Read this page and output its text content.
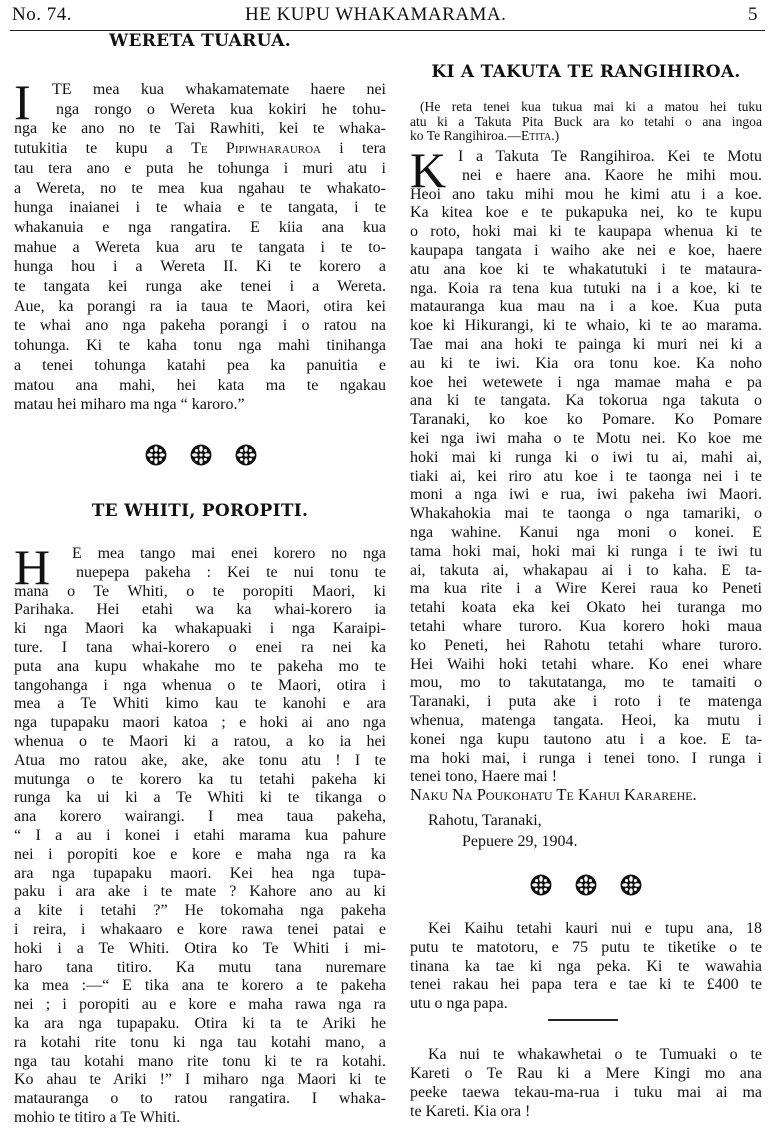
No. 74.	HE KUPU WHAKAMARAMA.	5
WERETA TUARUA.
I TE mea kua whakamatemate haere nei
nga rongo o Wereta kua kokiri he tohu-
nga ke ano no te Tai Rawhiti, kei te whaka-
tutukitia te kupu a Te Pipiwharauroa i tera
tau tera ano e puta he tohunga i muri atu i
a Wereta, no te mea kua ngahau te whakato-
hunga inaianei i te whaia e te tangata, i te
whakanuia e nga rangatira. E kiia ana kua
mahue a Wereta kua aru te tangata i te to-
hunga hou i a Wereta II. Ki te korero a
te tangata kei runga ake tenei i a Wereta.
Aue, ka porangi ra ia taua te Maori, otira kei
te whai ano nga pakeha porangi i o ratou na
tohunga. Ki te kaha tonu nga mahi tinihanga
a tenei tohunga katahi pea ka panuitia e
matou ana mahi, hei kata ma te ngakau
matau hei miharo ma nga “ karoro.”
TE WHITI, POROPITI.
H E mea tango mai enei korero no nga
nuepepa pakeha : Kei te nui tonu te
mana o Te Whiti, o te poropiti Maori, ki
Parihaka. Hei etahi wa ka whai-korero ia
ki nga Maori ka whakapuaki i nga Karaipi-
ture. I tana whai-korero o enei ra nei ka
puta ana kupu whakahe mo te pakeha mo te
tangohanga i nga whenua o te Maori, otira i
mea a Te Whiti kimo kau te kanohi e ara
nga tupapaku maori katoa ; e hoki ai ano nga
whenua o te Maori ki a ratou, a ko ia hei
Atua mo ratou ake, ake, ake tonu atu ! I te
mutunga o te korero ka tu tetahi pakeha ki
runga ka ui ki a Te Whiti ki te tikanga o
ana korero wairangi. I mea taua pakeha,
“ I a au i konei i etahi marama kua pahure
nei i poropiti koe e kore e maha nga ra ka
ara nga tupapaku maori. Kei hea nga tupa-
paku i ara ake i te mate ? Kahore ano au ki
a kite i tetahi ?” He tokomaha nga pakeha
i reira, i whakaaro e kore rawa tenei patai e
hoki i a Te Whiti. Otira ko Te Whiti i mi-
haro tana titiro. Ka mutu tana nuremare
ka mea :—“ E tika ana te korero a te pakeha
nei ; i poropiti au e kore e maha rawa nga ra
ka ara nga tupapaku. Otira ki ta te Ariki he
ra kotahi rite tonu ki nga tau kotahi mano, a
nga tau kotahi mano rite tonu ki te ra kotahi.
Ko ahau te Ariki !” I miharo nga Maori ki te
matauranga o to ratou rangatira. I whaka-
mohio te titiro a Te Whiti.
KI A TAKUTA TE RANGIHIROA.
(He reta tenei kua tukua mai ki a matou hei tuku
atu ki a Takuta Pita Buck ara ko tetahi o ana ingoa
ko Te Rangihiroa.—Etita.)
K I a Takuta Te Rangihiroa. Kei te Motu
nei e haere ana. Kaore he mihi mou.
Heoi ano taku mihi mou he kimi atu i a koe.
Ka kitea koe e te pukapuka nei, ko te kupu
o roto, hoki mai ki te kaupapa whenua ki te
kaupapa tangata i waiho ake nei e koe, haere
atu ana koe ki te whakatutuki i te mataura-
nga. Koia ra tena kua tutuki na i a koe, ki te
matauranga kua mau na i a koe. Kua puta
koe ki Hikurangi, ki te whaio, ki te ao marama.
Tae mai ana hoki te painga ki muri nei ki a
au ki te iwi. Kia ora tonu koe. Ka noho
koe hei wetewete i nga mamae maha e pa
ana ki te tangata. Ka tokorua nga takuta o
Taranaki, ko koe ko Pomare. Ko Pomare
kei nga iwi maha o te Motu nei. Ko koe me
hoki mai ki runga ki o iwi tu ai, mahi ai,
tiaki ai, kei riro atu koe i te taonga nei i te
moni a nga iwi e rua, iwi pakeha iwi Maori.
Whakahokia mai te taonga o nga tamariki, o
nga wahine. Kanui nga moni o konei. E
tama hoki mai, hoki mai ki runga i te iwi tu
ai, takuta ai, whakapau ai i to kaha. E ta-
ma kua rite i a Wire Kerei raua ko Peneti
tetahi koata eka kei Okato hei turanga mo
tetahi whare turoro. Kua korero hoki maua
ko Peneti, hei Rahotu tetahi whare turoro.
Hei Waihi hoki tetahi whare. Ko enei whare
mou, mo to takutatanga, mo te tamaiti o
Taranaki, i puta ake i roto i te matenga
whenua, matenga tangata. Heoi, ka mutu i
konei nga kupu tautono atu i a koe. E ta-
ma hoki mai, i runga i tenei tono. I runga i
tenei tono, Haere mai !
Naku Na Poukohatu Te Kahui Kararehe.
Rahotu, Taranaki,
Pepuere 29, 1904.
Kei Kaihu tetahi kauri nui e tupu ana, 18
putu te matotoru, e 75 putu te tiketike o te
tinana ka tae ki nga peka. Ki te wawahia
tenei rakau hei papa tera e tae ki te £400 te
utu o nga papa.
Ka nui te whakawhetai o te Tumuaki o te
Kareti o Te Rau ki a Mere Kingi mo ana
peeke taewa tekau-ma-rua i tuku mai ai ma
te Kareti. Kia ora !
